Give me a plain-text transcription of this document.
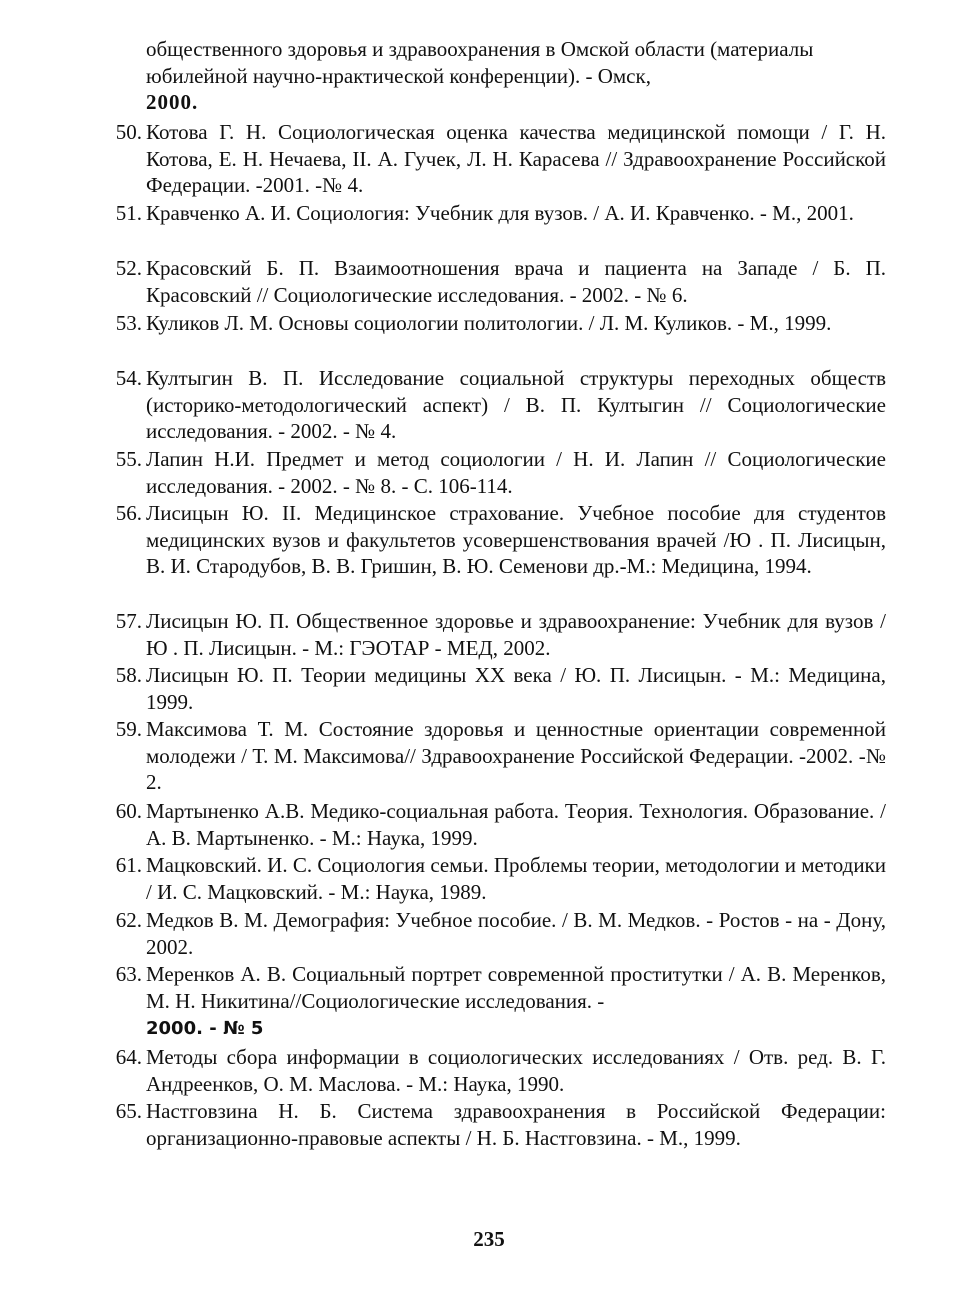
общественного здоровья и здравоохранения в Омской области (материалы юбилейной научно-нрактической конференции). - Омск,
2000.
50. Котова Г. Н. Социологическая оценка качества медицинской помощи / Г. Н. Котова, Е. Н. Нечаева, II. А. Гучек, Л. Н. Карасева // Здравоохранение Российской Федерации. -2001. -№ 4.
51. Кравченко А. И. Социология: Учебник для вузов. / А. И. Кравченко. - М., 2001.
52. Красовский Б. П. Взаимоотношения врача и пациента на Западе / Б. П. Красовский // Социологические исследования. - 2002. - № 6.
53. Куликов Л. М. Основы социологии политологии. / Л. М. Куликов. - М., 1999.
54. Култыгин В. П. Исследование социальной структуры переходных обществ (историко-методологический аспект) / В. П. Култыгин // Социологические исследования. - 2002. - № 4.
55. Лапин Н.И. Предмет и метод социологии / Н. И. Лапин // Социологические исследования. - 2002. - № 8. - С. 106-114.
56. Лисицын Ю. II. Медицинское страхование. Учебное пособие для студентов медицинских вузов и факультетов усовершенствования врачей /Ю . П. Лисицын, В. И. Стародубов, В. В. Гришин, В. Ю. Семенови др.-М.: Медицина, 1994.
57. Лисицын Ю. П. Общественное здоровье и здравоохранение: Учебник для вузов /Ю . П. Лисицын. - М.: ГЭОТАР - МЕД, 2002.
58. Лисицын Ю. П. Теории медицины XX века / Ю. П. Лисицын. - М.: Медицина, 1999.
59. Максимова Т. М. Состояние здоровья и ценностные ориентации современной молодежи / Т. М. Максимова// Здравоохранение Российской Федерации. -2002. -№ 2.
60. Мартыненко А.В. Медико-социальная работа. Теория. Технология. Образование. / А. В. Мартыненко. - М.: Наука, 1999.
61. Мацковский. И. С. Социология семьи. Проблемы теории, методологии и методики / И. С. Мацковский. - М.: Наука, 1989.
62. Медков В. М. Демография: Учебное пособие. / В. М. Медков. - Ростов - на - Дону, 2002.
63. Меренков А. В. Социальный портрет современной проститутки / А. В. Меренков, М. Н. Никитина//Социологические исследования. -
2000. - № 5
64. Методы сбора информации в социологических исследованиях / Отв. ред. В. Г. Андреенков, О. М. Маслова. - М.: Наука, 1990.
65. Настговзина Н. Б. Система здравоохранения в Российской Федерации: организационно-правовые аспекты / Н. Б. Настговзина. - М., 1999.
235
